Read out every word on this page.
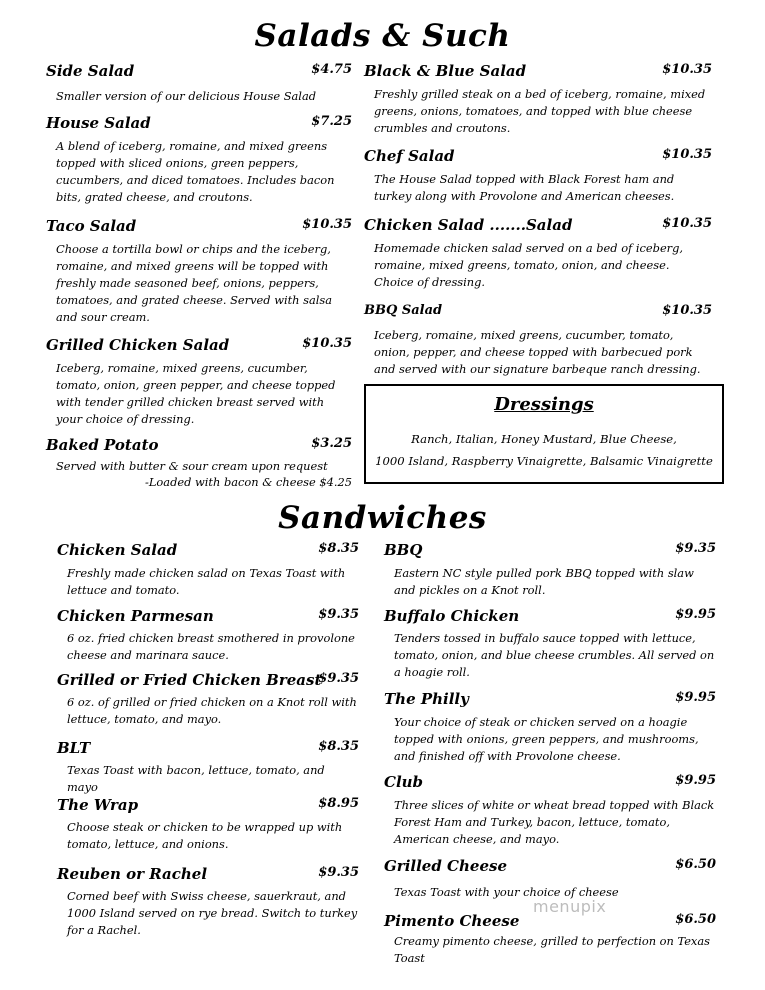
Salads & Such
Side Salad	$4.75
Smaller version of our delicious House Salad
House Salad	$7.25
A blend of iceberg, romaine, and mixed greens topped with sliced onions, green peppers, cucumbers, and diced tomatoes. Includes bacon bits, grated cheese, and croutons.
Taco Salad	$10.35
Choose a tortilla bowl or chips and the iceberg, romaine, and mixed greens will be topped with freshly made seasoned beef, onions, peppers, tomatoes, and grated cheese. Served with salsa and sour cream.
Grilled Chicken Salad	$10.35
Iceberg, romaine, mixed greens, cucumber, tomato, onion, green pepper, and cheese topped with tender grilled chicken breast served with your choice of dressing.
Baked Potato	$3.25
Served with butter & sour cream upon request
-Loaded with bacon & cheese $4.25
Black & Blue Salad	$10.35
Freshly grilled steak on a bed of iceberg, romaine, mixed greens, onions, tomatoes, and topped with blue cheese crumbles and croutons.
Chef Salad	$10.35
The House Salad topped with Black Forest ham and turkey along with Provolone and American cheeses.
Chicken Salad .......Salad	$10.35
Homemade chicken salad served on a bed of iceberg, romaine, mixed greens, tomato, onion, and cheese. Choice of dressing.
BBQ Salad	$10.35
Iceberg, romaine, mixed greens, cucumber, tomato, onion, pepper, and cheese topped with barbecued pork and served with our signature barbeque ranch dressing.
Dressings
Ranch, Italian, Honey Mustard, Blue Cheese,
1000 Island, Raspberry Vinaigrette, Balsamic Vinaigrette
Sandwiches
Chicken Salad	$8.35
Freshly made chicken salad on Texas Toast with lettuce and tomato.
Chicken Parmesan	$9.35
6 oz. fried chicken breast smothered in provolone cheese and marinara sauce.
Grilled or Fried Chicken Breast
$9.35
6 oz. of grilled or fried chicken on a Knot roll with lettuce, tomato, and mayo.
BLT	$8.35
Texas Toast with bacon, lettuce, tomato, and mayo
The Wrap	$8.95
Choose steak or chicken to be wrapped up with tomato, lettuce, and onions.
Reuben or Rachel	$9.35
Corned beef with Swiss cheese, sauerkraut, and 1000 Island served on rye bread. Switch to turkey for a Rachel.
BBQ	$9.35
Eastern NC style pulled pork BBQ topped with slaw and pickles on a Knot roll.
Buffalo Chicken	$9.95
Tenders tossed in buffalo sauce topped with lettuce, tomato, onion, and blue cheese crumbles. All served on a hoagie roll.
The Philly	$9.95
Your choice of steak or chicken served on a hoagie topped with onions, green peppers, and mushrooms, and finished off with Provolone cheese.
Club	$9.95
Three slices of white or wheat bread topped with Black Forest Ham and Turkey, bacon, lettuce, tomato, American cheese, and mayo.
Grilled Cheese	$6.50
Texas Toast with your choice of cheese
Pimento Cheese	$6.50
Creamy pimento cheese, grilled to perfection on Texas Toast
menupix
